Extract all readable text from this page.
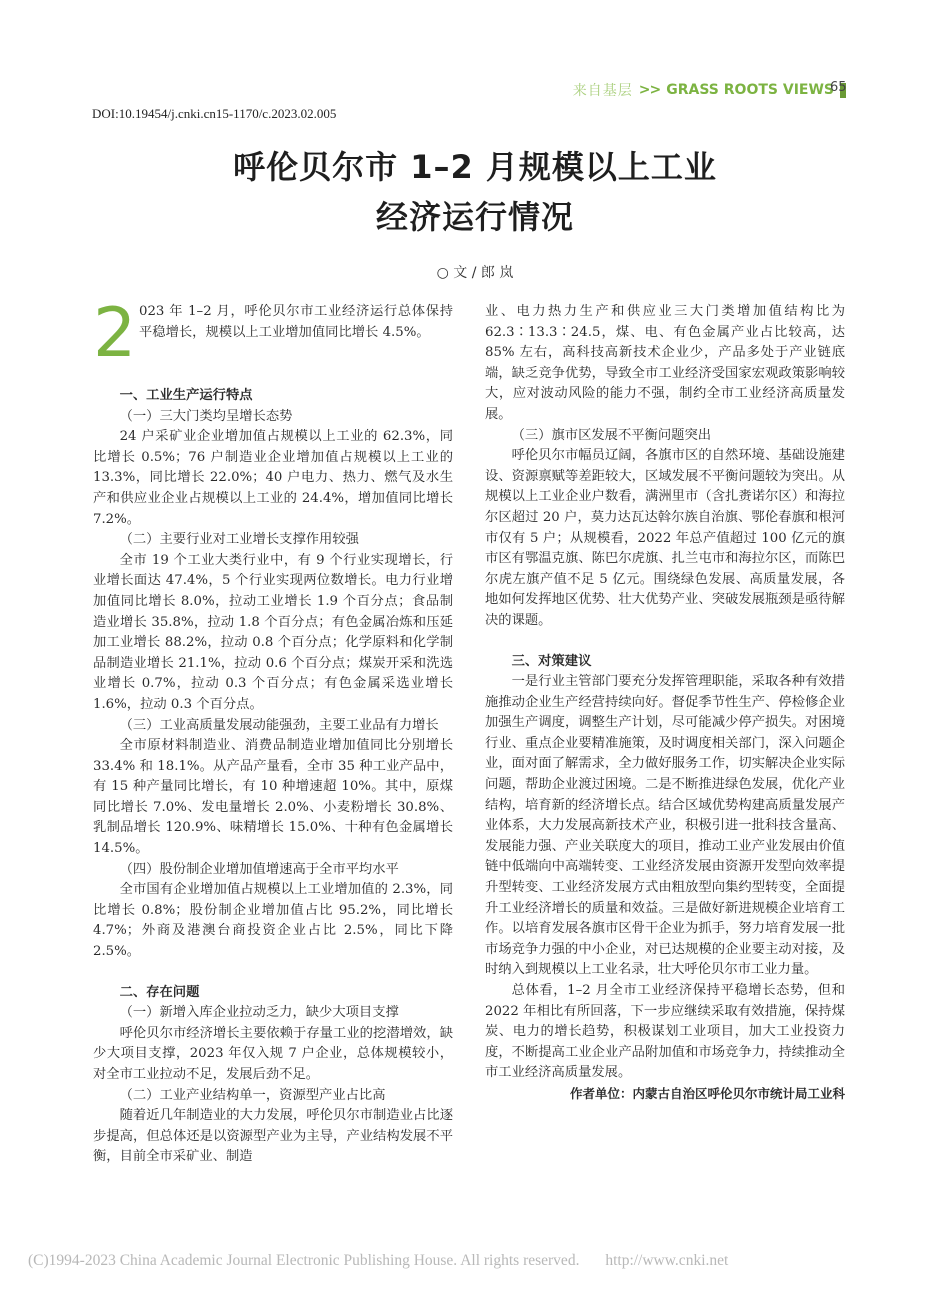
来自基层 >> GRASS ROOTS VIEWS
65
DOI:10.19454/j.cnki.cn15-1170/c.2023.02.005
呼伦贝尔市 1–2 月规模以上工业
经济运行情况
○ 文 / 郎 岚
2 023 年 1–2 月，呼伦贝尔市工业经济运行总体保持平稳增长，规模以上工业增加值同比增长 4.5%。

一、工业生产运行特点

（一）三大门类均呈增长态势

24 户采矿业企业增加值占规模以上工业的 62.3%，同比增长 0.5%；76 户制造业企业增加值占规模以上工业的 13.3%，同比增长 22.0%；40 户电力、热力、燃气及水生产和供应业企业占规模以上工业的 24.4%，增加值同比增长 7.2%。

（二）主要行业对工业增长支撑作用较强

全市 19 个工业大类行业中，有 9 个行业实现增长，行业增长面达 47.4%，5 个行业实现两位数增长。电力行业增加值同比增长 8.0%，拉动工业增长 1.9 个百分点；食品制造业增长 35.8%，拉动 1.8 个百分点；有色金属冶炼和压延加工业增长 88.2%，拉动 0.8 个百分点；化学原料和化学制品制造业增长 21.1%，拉动 0.6 个百分点；煤炭开采和洗选业增长 0.7%，拉动 0.3 个百分点；有色金属采选业增长 1.6%，拉动 0.3 个百分点。

（三）工业高质量发展动能强劲，主要工业品有力增长

全市原材料制造业、消费品制造业增加值同比分别增长 33.4% 和 18.1%。从产品产量看，全市 35 种工业产品中，有 15 种产量同比增长，有 10 种增速超 10%。其中，原煤同比增长 7.0%、发电量增长 2.0%、小麦粉增长 30.8%、乳制品增长 120.9%、味精增长 15.0%、十种有色金属增长 14.5%。

（四）股份制企业增加值增速高于全市平均水平

全市国有企业增加值占规模以上工业增加值的 2.3%，同比增长 0.8%；股份制企业增加值占比 95.2%，同比增长 4.7%；外商及港澳台商投资企业占比 2.5%，同比下降 2.5%。

二、存在问题

（一）新增入库企业拉动乏力，缺少大项目支撑

呼伦贝尔市经济增长主要依赖于存量工业的挖潜增效，缺少大项目支撑，2023 年仅入规 7 户企业，总体规模较小，对全市工业拉动不足，发展后劲不足。

（二）工业产业结构单一，资源型产业占比高

随着近几年制造业的大力发展，呼伦贝尔市制造业占比逐步提高，但总体还是以资源型产业为主导，产业结构发展不平衡，目前全市采矿业、制造

业、电力热力生产和供应业三大门类增加值结构比为 62.3∶13.3∶24.5，煤、电、有色金属产业占比较高，达 85% 左右，高科技高新技术企业少，产品多处于产业链底端，缺乏竞争优势，导致全市工业经济受国家宏观政策影响较大，应对波动风险的能力不强，制约全市工业经济高质量发展。

（三）旗市区发展不平衡问题突出

呼伦贝尔市幅员辽阔，各旗市区的自然环境、基础设施建设、资源禀赋等差距较大，区域发展不平衡问题较为突出。从规模以上工业企业户数看，满洲里市（含扎赉诺尔区）和海拉尔区超过 20 户，莫力达瓦达斡尔族自治旗、鄂伦春旗和根河市仅有 5 户；从规模看，2022 年总产值超过 100 亿元的旗市区有鄂温克旗、陈巴尔虎旗、扎兰屯市和海拉尔区，而陈巴尔虎左旗产值不足 5 亿元。围绕绿色发展、高质量发展，各地如何发挥地区优势、壮大优势产业、突破发展瓶颈是亟待解决的课题。

三、对策建议

一是行业主管部门要充分发挥管理职能，采取各种有效措施推动企业生产经营持续向好。督促季节性生产、停检修企业加强生产调度，调整生产计划，尽可能减少停产损失。对困境行业、重点企业要精准施策，及时调度相关部门，深入问题企业，面对面了解需求，全力做好服务工作，切实解决企业实际问题，帮助企业渡过困境。二是不断推进绿色发展，优化产业结构，培育新的经济增长点。结合区域优势构建高质量发展产业体系，大力发展高新技术产业，积极引进一批科技含量高、发展能力强、产业关联度大的项目，推动工业产业发展由价值链中低端向中高端转变、工业经济发展由资源开发型向效率提升型转变、工业经济发展方式由粗放型向集约型转变，全面提升工业经济增长的质量和效益。三是做好新进规模企业培育工作。以培育发展各旗市区骨干企业为抓手，努力培育发展一批市场竞争力强的中小企业，对已达规模的企业要主动对接，及时纳入到规模以上工业名录，壮大呼伦贝尔市工业力量。

总体看，1–2 月全市工业经济保持平稳增长态势，但和 2022 年相比有所回落，下一步应继续采取有效措施，保持煤炭、电力的增长趋势，积极谋划工业项目，加大工业投资力度，不断提高工业企业产品附加值和市场竞争力，持续推动全市工业经济高质量发展。

作者单位：内蒙古自治区呼伦贝尔市统计局工业科
(C)1994-2023 China Academic Journal Electronic Publishing House. All rights reserved. http://www.cnki.net
